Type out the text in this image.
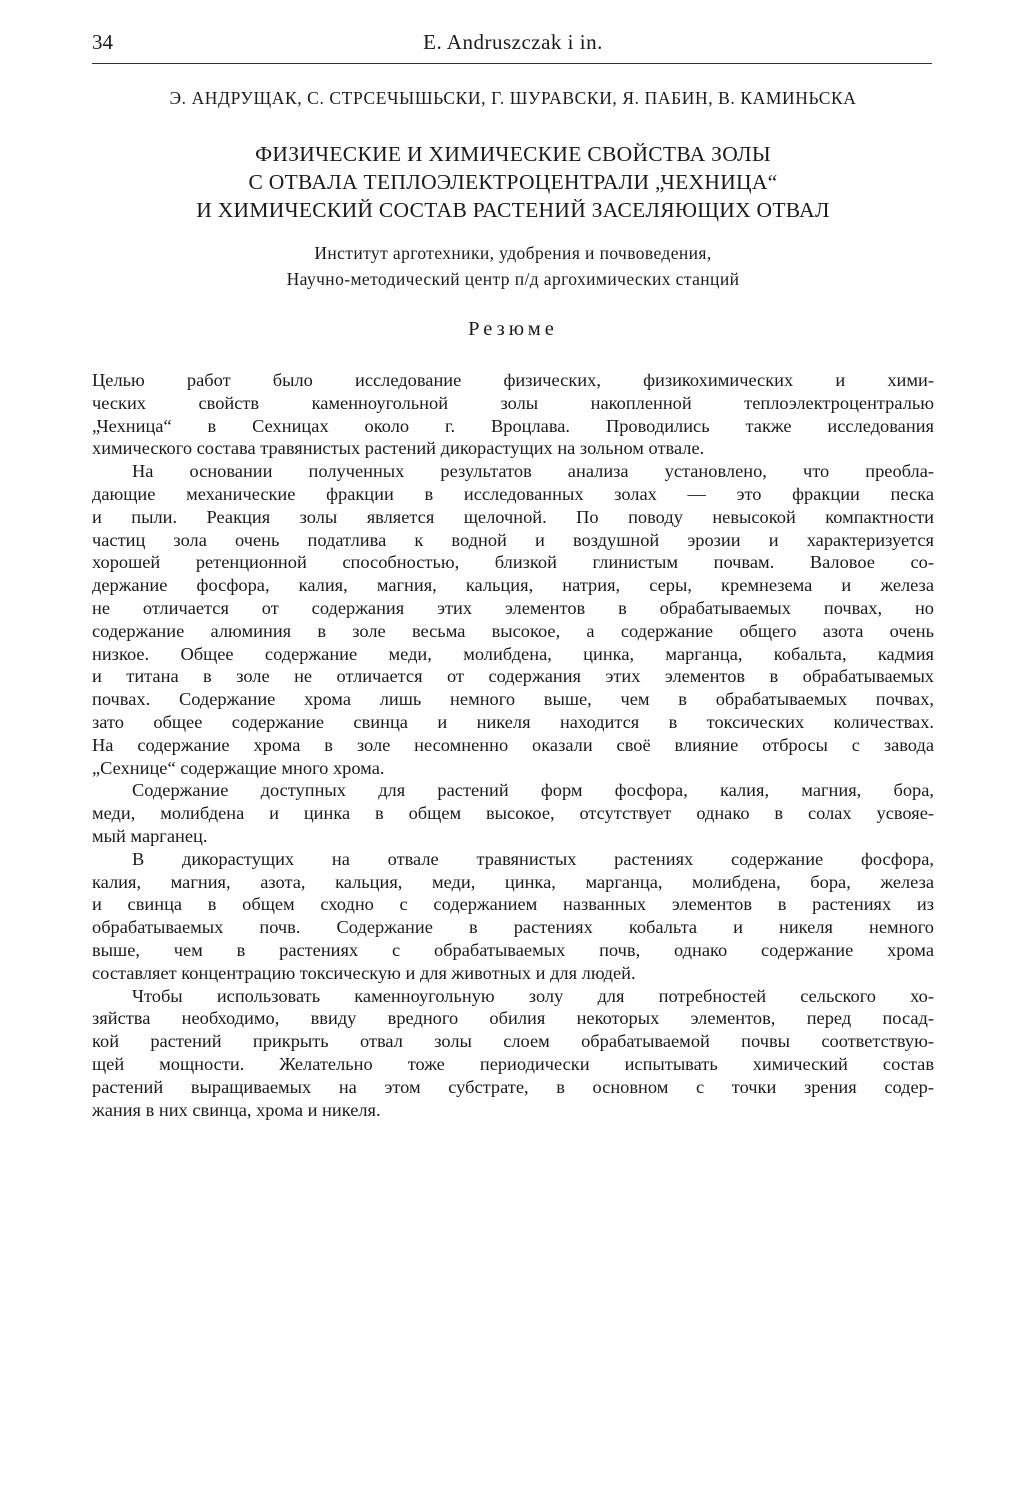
34	E. Andruszczak i in.
Э. АНДРУЩАК, С. СТРСЕЧЫШЬСКИ, Г. ШУРАВСКИ, Я. ПАБИН, В. КАМИНЬСКА
ФИЗИЧЕСКИЕ И ХИМИЧЕСКИЕ СВОЙСТВА ЗОЛЫ
С ОТВАЛА ТЕПЛОЭЛЕКТРОЦЕНТРАЛИ „ЧЕХНИЦА“
И ХИМИЧЕСКИЙ СОСТАВ РАСТЕНИЙ ЗАСЕЛЯЮЩИХ ОТВАЛ
Институт арготехники, удобрения и почвоведения,
Научно-методический центр п/д аргохимических станций
Резюме
Целью работ было исследование физических, физикохимических и хими-
ческих свойств каменноугольной золы накопленной теплоэлектроцентралью
„Чехница“ в Сехницах около г. Вроцлава. Проводились также исследования
химического состава травянистых растений дикорастущих на зольном отвале.
На основании полученных результатов анализа установлено, что преобла-
дающие механические фракции в исследованных золах — это фракции песка
и пыли. Реакция золы является щелочной. По поводу невысокой компактности
частиц зола очень податлива к водной и воздушной эрозии и характеризуется
хорошей ретенционной способностью, близкой глинистым почвам. Валовое со-
держание фосфора, калия, магния, кальция, натрия, серы, кремнезема и железа
не отличается от содержания этих элементов в обрабатываемых почвах, но
содержание алюминия в золе весьма высокое, а содержание общего азота очень
низкое. Общее содержание меди, молибдена, цинка, марганца, кобальта, кадмия
и титана в золе не отличается от содержания этих элементов в обрабатываемых
почвах. Содержание хрома лишь немного выше, чем в обрабатываемых почвах,
зато общее содержание свинца и никеля находится в токсических количествах.
На содержание хрома в золе несомненно оказали своё влияние отбросы с завода
„Сехнице“ содержащие много хрома.
Содержание доступных для растений форм фосфора, калия, магния, бора,
меди, молибдена и цинка в общем высокое, отсутствует однако в солах усвояе-
мый марганец.
В дикорастущих на отвале травянистых растениях содержание фосфора,
калия, магния, азота, кальция, меди, цинка, марганца, молибдена, бора, железа
и свинца в общем сходно с содержанием названных элементов в растениях из
обрабатываемых почв. Содержание в растениях кобальта и никеля немного
выше, чем в растениях с обрабатываемых почв, однако содержание хрома
составляет концентрацию токсическую и для животных и для людей.
Чтобы использовать каменноугольную золу для потребностей сельского хо-
зяйства необходимо, ввиду вредного обилия некоторых элементов, перед посад-
кой растений прикрыть отвал золы слоем обрабатываемой почвы соответствую-
щей мощности. Желательно тоже периодически испытывать химический состав
растений выращиваемых на этом субстрате, в основном с точки зрения содер-
жания в них свинца, хрома и никеля.
